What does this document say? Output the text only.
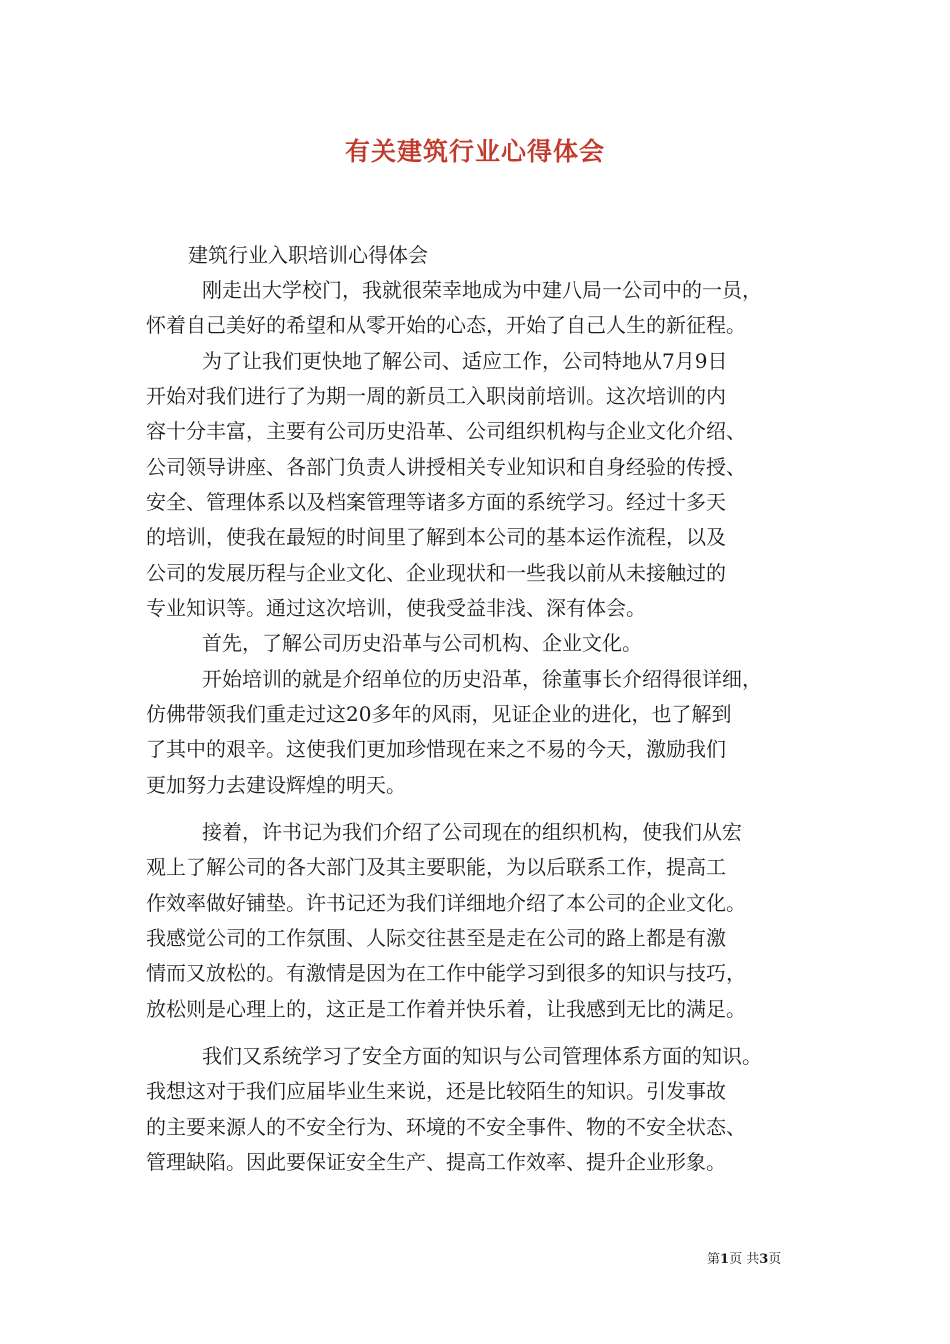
有关建筑行业心得体会
建筑行业入职培训心得体会
刚走出大学校门，我就很荣幸地成为中建八局一公司中的一员，
怀着自己美好的希望和从零开始的心态，开始了自己人生的新征程。
为了让我们更快地了解公司、适应工作，公司特地从7月9日
开始对我们进行了为期一周的新员工入职岗前培训。这次培训的内
容十分丰富，主要有公司历史沿革、公司组织机构与企业文化介绍、
公司领导讲座、各部门负责人讲授相关专业知识和自身经验的传授、
安全、管理体系以及档案管理等诸多方面的系统学习。经过十多天
的培训，使我在最短的时间里了解到本公司的基本运作流程，以及
公司的发展历程与企业文化、企业现状和一些我以前从未接触过的
专业知识等。通过这次培训，使我受益非浅、深有体会。
首先，了解公司历史沿革与公司机构、企业文化。
开始培训的就是介绍单位的历史沿革，徐董事长介绍得很详细，
仿佛带领我们重走过这20多年的风雨，见证企业的进化，也了解到
了其中的艰辛。这使我们更加珍惜现在来之不易的今天，激励我们
更加努力去建设辉煌的明天。
接着，许书记为我们介绍了公司现在的组织机构，使我们从宏
观上了解公司的各大部门及其主要职能，为以后联系工作，提高工
作效率做好铺垫。许书记还为我们详细地介绍了本公司的企业文化。
我感觉公司的工作氛围、人际交往甚至是走在公司的路上都是有激
情而又放松的。有激情是因为在工作中能学习到很多的知识与技巧，
放松则是心理上的，这正是工作着并快乐着，让我感到无比的满足。
我们又系统学习了安全方面的知识与公司管理体系方面的知识。
我想这对于我们应届毕业生来说，还是比较陌生的知识。引发事故
的主要来源人的不安全行为、环境的不安全事件、物的不安全状态、
管理缺陷。因此要保证安全生产、提高工作效率、提升企业形象。
第1页 共3页
